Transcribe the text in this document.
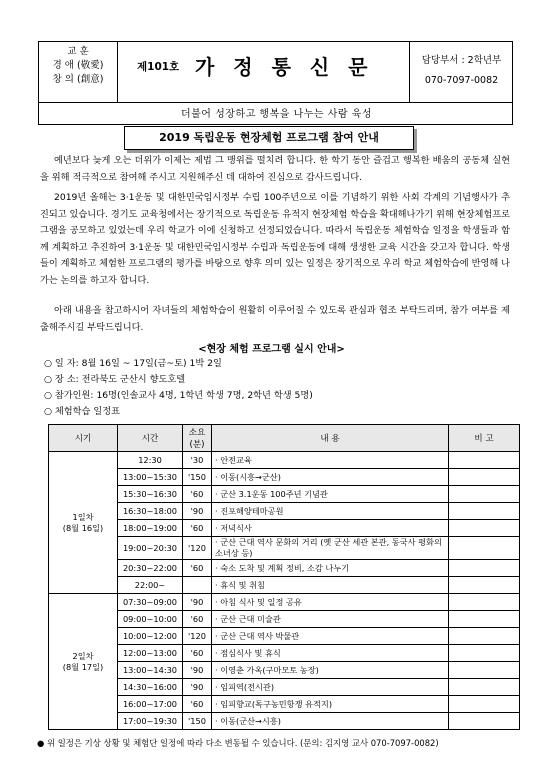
교 훈
경 애 (敬愛)
창 의 (創意)
제101호 가 정 통 신 문	담당부서 : 2학년부
070-7097-0082
더불어 성장하고 행복을 나누는 사람 육성
2019 독립운동 현장체험 프로그램 참여 안내
예년보다 늦게 오는 더위가 이제는 제법 그 맹위를 떨치려 합니다. 한 학기 동안 즐겁고 행복한 배움의 공동체 실현을 위해 적극적으로 참여해 주시고 지원해주신 데 대하여 진심으로 감사드립니다.
2019년 올해는 3·1운동 및 대한민국임시정부 수립 100주년으로 이를 기념하기 위한 사회 각계의 기념행사가 추진되고 있습니다. 경기도 교육청에서는 장기적으로 독립운동 유적지 현장체험 학습을 확대해나가기 위해 현장체험프로그램을 공모하고 있었는데 우리 학교가 이에 신청하고 선정되었습니다. 따라서 독립운동 체험학습 일정을 학생들과 함께 계획하고 추진하여 3·1운동 및 대한민국임시정부 수립과 독립운동에 대해 생생한 교육 시간을 갖고자 합니다. 학생들이 계획하고 체험한 프로그램의 평가를 바탕으로 향후 의미 있는 일정은 장기적으로 우리 학교 체험학습에 반영해 나가는 논의를 하고자 합니다.
아래 내용을 참고하시어 자녀들의 체험학습이 원활히 이루어질 수 있도록 관심과 협조 부탁드리며, 참가 여부를 제출해주시길 부탁드립니다.
<현장 체험 프로그램 실시 안내>
○ 일 자: 8월 16일 ~ 17일(금~토) 1박 2일
○ 장 소: 전라북도 군산시 향도호텔
○ 참가인원: 16명(인솔교사 4명, 1학년 학생 7명, 2학년 학생 5명)
○ 체험학습 일정표
시기	시간	소요(분)	내 용	비 고

1일차
(8월 16일)	12:30	'30	· 안전교육	
	13:00~15:30	'150	· 이동(시흥→군산)	
	15:30~16:30	'60	· 군산 3.1운동 100주년 기념관	
	16:30~18:00	'90	· 진포해양테마공원	
	18:00~19:00	'60	· 저녁식사	
	19:00~20:30	'120	· 군산 근대 역사 문화의 거리 (옛 군산 세관 본관, 동국사 평화의 소녀상 등)	
	20:30~22:00	'60	· 숙소 도착 및 계획 정비, 소감 나누기	
	22:00~		· 휴식 및 취침	

2일차
(8월 17일)	07:30~09:00	'90	· 아침 식사 및 일정 공유	
	09:00~10:00	'60	· 군산 근대 미술관	
	10:00~12:00	'120	· 군산 근대 역사 박물관	
	12:00~13:00	'60	· 점심식사 및 휴식	
	13:00~14:30	'90	· 이영춘 가옥(구마모토 농장)	
	14:30~16:00	'90	· 임피역(전시관)	
	16:00~17:00	'60	· 임피향교(독구농민항쟁 유적지)	
	17:00~19:30	'150	· 이동(군산→시흥)	
● 위 일정은 기상 상황 및 체험단 일정에 따라 다소 변동될 수 있습니다. (문의: 김지영 교사 070-7097-0082)
